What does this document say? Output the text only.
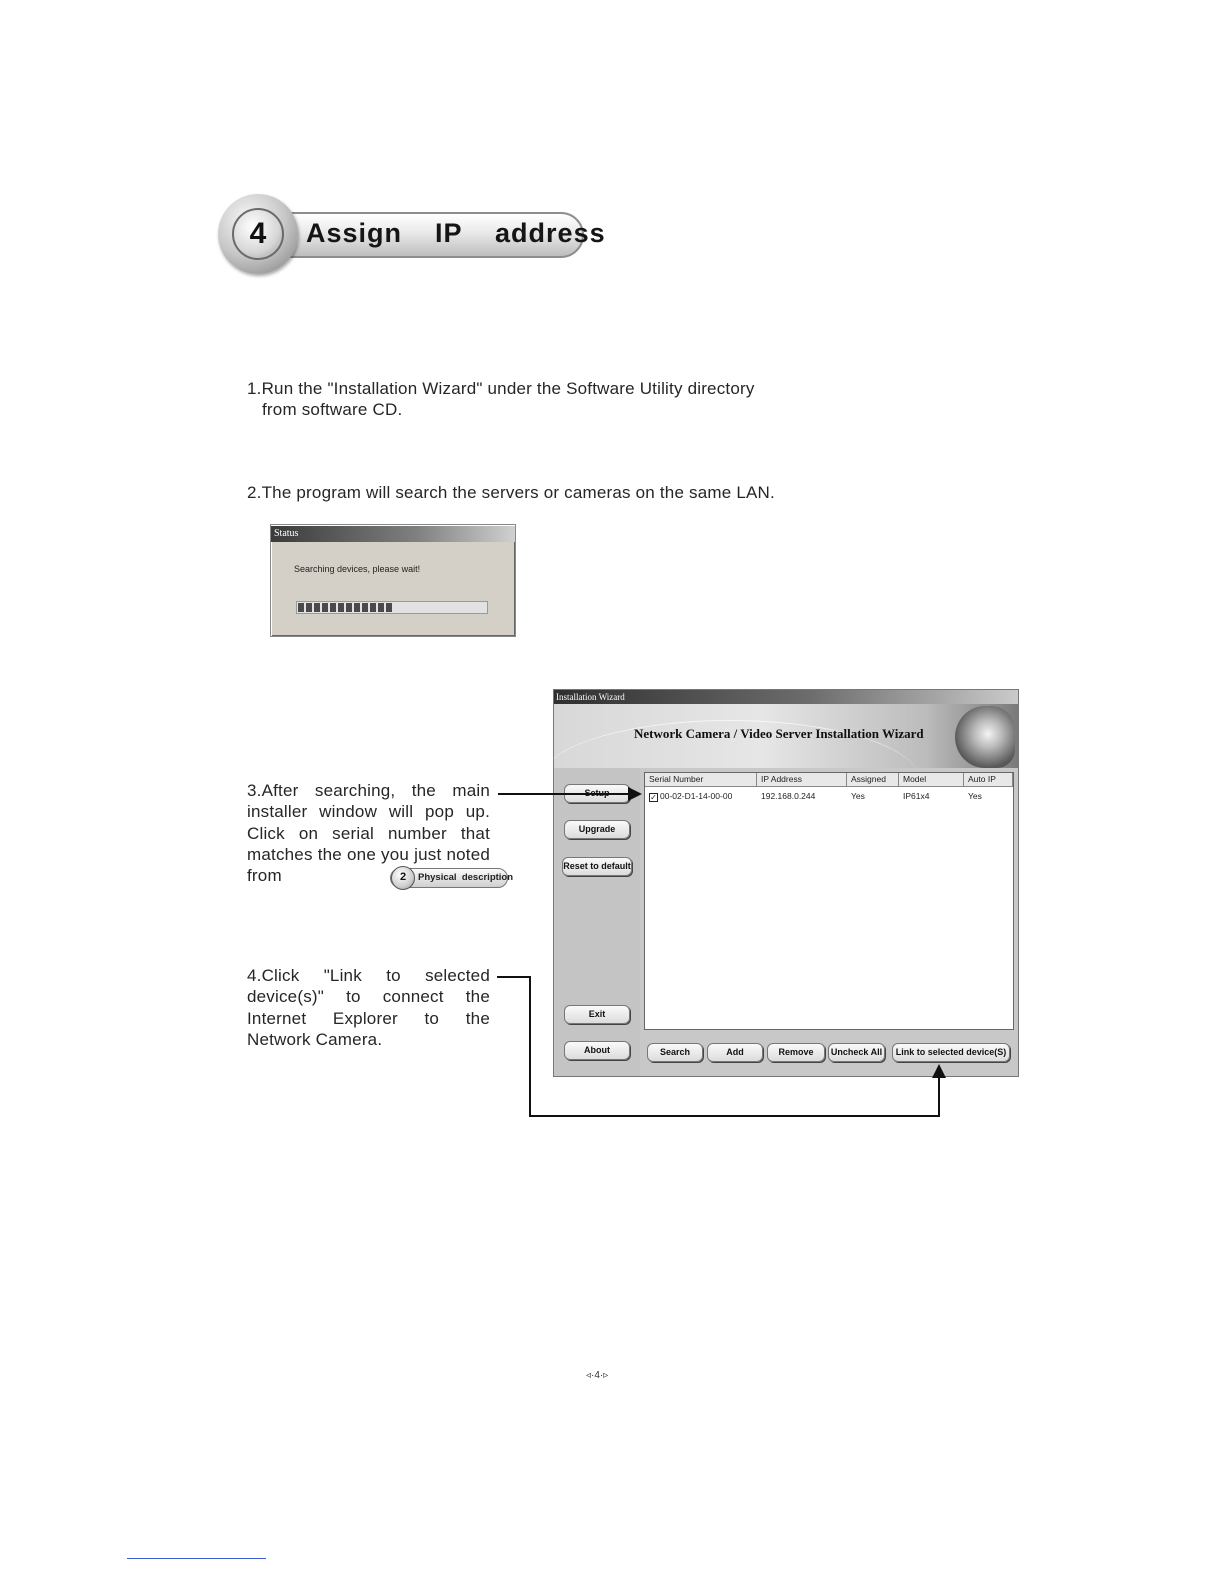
4	Assign  IP  address
1.Run the "Installation Wizard" under the Software Utility directory
from software CD.
2.The program will search the servers or cameras on the same LAN.
Status
Searching devices, please wait!
3.After searching, the main installer window will pop up. Click on serial number that matches the one you just noted from	2	Physical  description
4.Click "Link to selected device(s)" to connect the Internet Explorer to the Network Camera.
Installation Wizard
Network Camera / Video Server Installation Wizard
Upgrade
Reset to default
Exit
About
Serial Number	IP Address	Assigned	Model	Auto IP
✓ 00-02-D1-14-00-00	192.168.0.244	Yes	IP61x4	Yes
Search	Add	Remove	Uncheck All	Link to selected device(S)
◃·4·▹
